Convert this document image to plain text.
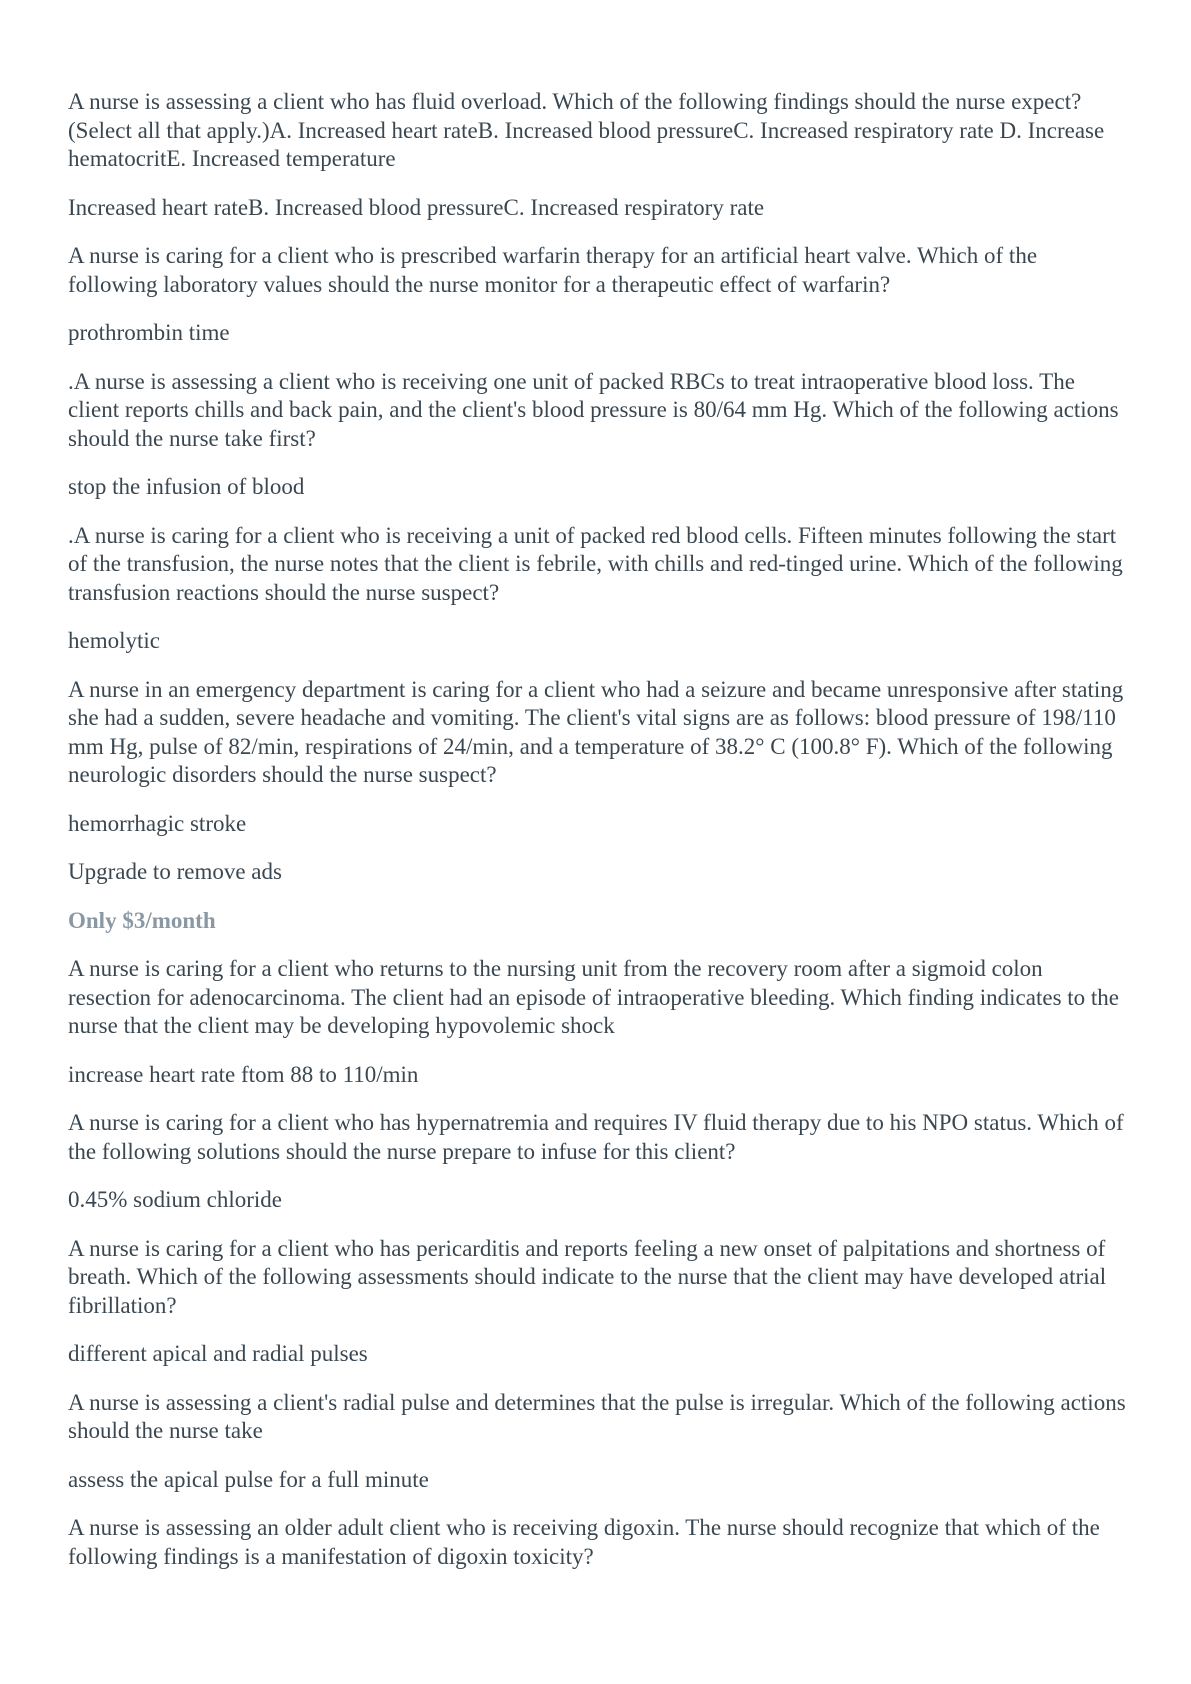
A nurse is assessing a client who has fluid overload. Which of the following findings should the nurse expect? (Select all that apply.)A. Increased heart rateB. Increased blood pressureC. Increased respiratory rate D. Increase hematocritE. Increased temperature

Increased heart rateB. Increased blood pressureC. Increased respiratory rate

A nurse is caring for a client who is prescribed warfarin therapy for an artificial heart valve. Which of the following laboratory values should the nurse monitor for a therapeutic effect of warfarin?

prothrombin time

.A nurse is assessing a client who is receiving one unit of packed RBCs to treat intraoperative blood loss. The client reports chills and back pain, and the client's blood pressure is 80/64 mm Hg. Which of the following actions should the nurse take first?

stop the infusion of blood

.A nurse is caring for a client who is receiving a unit of packed red blood cells. Fifteen minutes following the start of the transfusion, the nurse notes that the client is febrile, with chills and red-tinged urine. Which of the following transfusion reactions should the nurse suspect?

hemolytic

A nurse in an emergency department is caring for a client who had a seizure and became unresponsive after stating she had a sudden, severe headache and vomiting. The client's vital signs are as follows: blood pressure of 198/110 mm Hg, pulse of 82/min, respirations of 24/min, and a temperature of 38.2° C (100.8° F). Which of the following neurologic disorders should the nurse suspect?

hemorrhagic stroke

Upgrade to remove ads

Only $3/month

A nurse is caring for a client who returns to the nursing unit from the recovery room after a sigmoid colon resection for adenocarcinoma. The client had an episode of intraoperative bleeding. Which finding indicates to the nurse that the client may be developing hypovolemic shock

increase heart rate ftom 88 to 110/min

A nurse is caring for a client who has hypernatremia and requires IV fluid therapy due to his NPO status. Which of the following solutions should the nurse prepare to infuse for this client?

0.45% sodium chloride

A nurse is caring for a client who has pericarditis and reports feeling a new onset of palpitations and shortness of breath. Which of the following assessments should indicate to the nurse that the client may have developed atrial fibrillation?

different apical and radial pulses

A nurse is assessing a client's radial pulse and determines that the pulse is irregular. Which of the following actions should the nurse take

assess the apical pulse for a full minute

A nurse is assessing an older adult client who is receiving digoxin. The nurse should recognize that which of the following findings is a manifestation of digoxin toxicity?
